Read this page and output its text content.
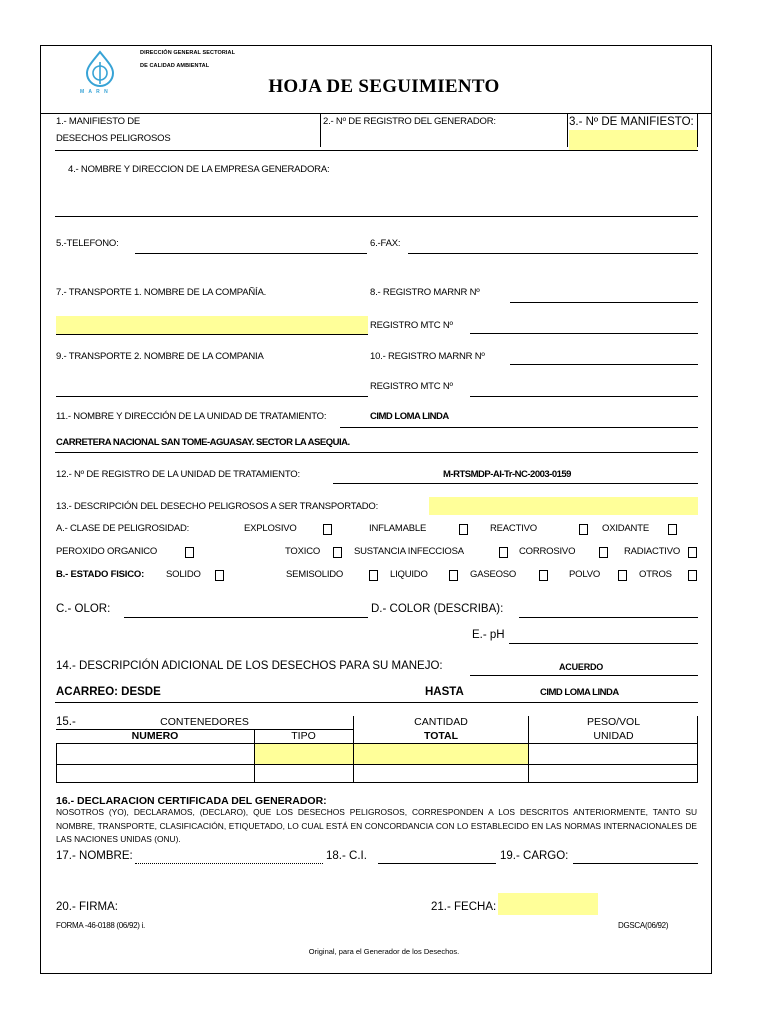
M A R N
DIRECCIÓN GENERAL SECTORIAL
DE CALIDAD AMBIENTAL
HOJA DE SEGUIMIENTO
1.- MANIFIESTO DE
DESECHOS PELIGROSOS
2.- Nº DE REGISTRO DEL GENERADOR:	3.- Nº DE MANIFIESTO:
4.- NOMBRE Y DIRECCION DE LA EMPRESA GENERADORA:
5.-TELEFONO:	6.-FAX:
7.- TRANSPORTE 1. NOMBRE DE LA COMPAÑÍA.	8.- REGISTRO MARNR Nº
REGISTRO MTC Nº
9.- TRANSPORTE 2. NOMBRE DE LA COMPANIA	10.- REGISTRO MARNR Nº
REGISTRO MTC Nº
11.- NOMBRE Y DIRECCIÓN DE LA UNIDAD DE TRATAMIENTO:	CIMD LOMA LINDA
CARRETERA NACIONAL SAN TOME-AGUASAY. SECTOR LA ASEQUIA.
12.- Nº DE REGISTRO DE LA UNIDAD DE TRATAMIENTO:	M-RTSMDP-AI-Tr-NC-2003-0159
13.- DESCRIPCIÓN DEL DESECHO PELIGROSOS A SER TRANSPORTADO:
A.- CLASE DE PELIGROSIDAD:	EXPLOSIVO	INFLAMABLE	REACTIVO	OXIDANTE
PEROXIDO ORGANICO	TOXICO	SUSTANCIA INFECCIOSA	CORROSIVO	RADIACTIVO
B.- ESTADO FISICO: SOLIDO	SEMISOLIDO	LIQUIDO	GASEOSO	POLVO	OTROS
C.- OLOR:	D.- COLOR (DESCRIBA):
E.- pH
14.- DESCRIPCIÓN ADICIONAL DE LOS DESECHOS PARA SU MANEJO:	ACUERDO
ACARREO: DESDE	HASTA	CIMD LOMA LINDA
15.-	CONTENEDORES	CANTIDAD	PESO/VOL
NUMERO	TIPO	TOTAL	UNIDAD
16.- DECLARACION CERTIFICADA DEL GENERADOR:
NOSOTROS (YO), DECLARAMOS, (DECLARO), QUE LOS DESECHOS PELIGROSOS, CORRESPONDEN A LOS DESCRITOS ANTERIORMENTE, TANTO SU NOMBRE, TRANSPORTE, CLASIFICACIÓN, ETIQUETADO, LO CUAL ESTÁ EN CONCORDANCIA CON LO ESTABLECIDO EN LAS NORMAS INTERNACIONALES DE LAS NACIONES UNIDAS (ONU).
17.- NOMBRE:	18.- C.I.	19.- CARGO:
20.- FIRMA:	21.- FECHA:
FORMA -46-0188 (06/92) i.	DGSCA(06/92)
Original, para el Generador de los Desechos.
